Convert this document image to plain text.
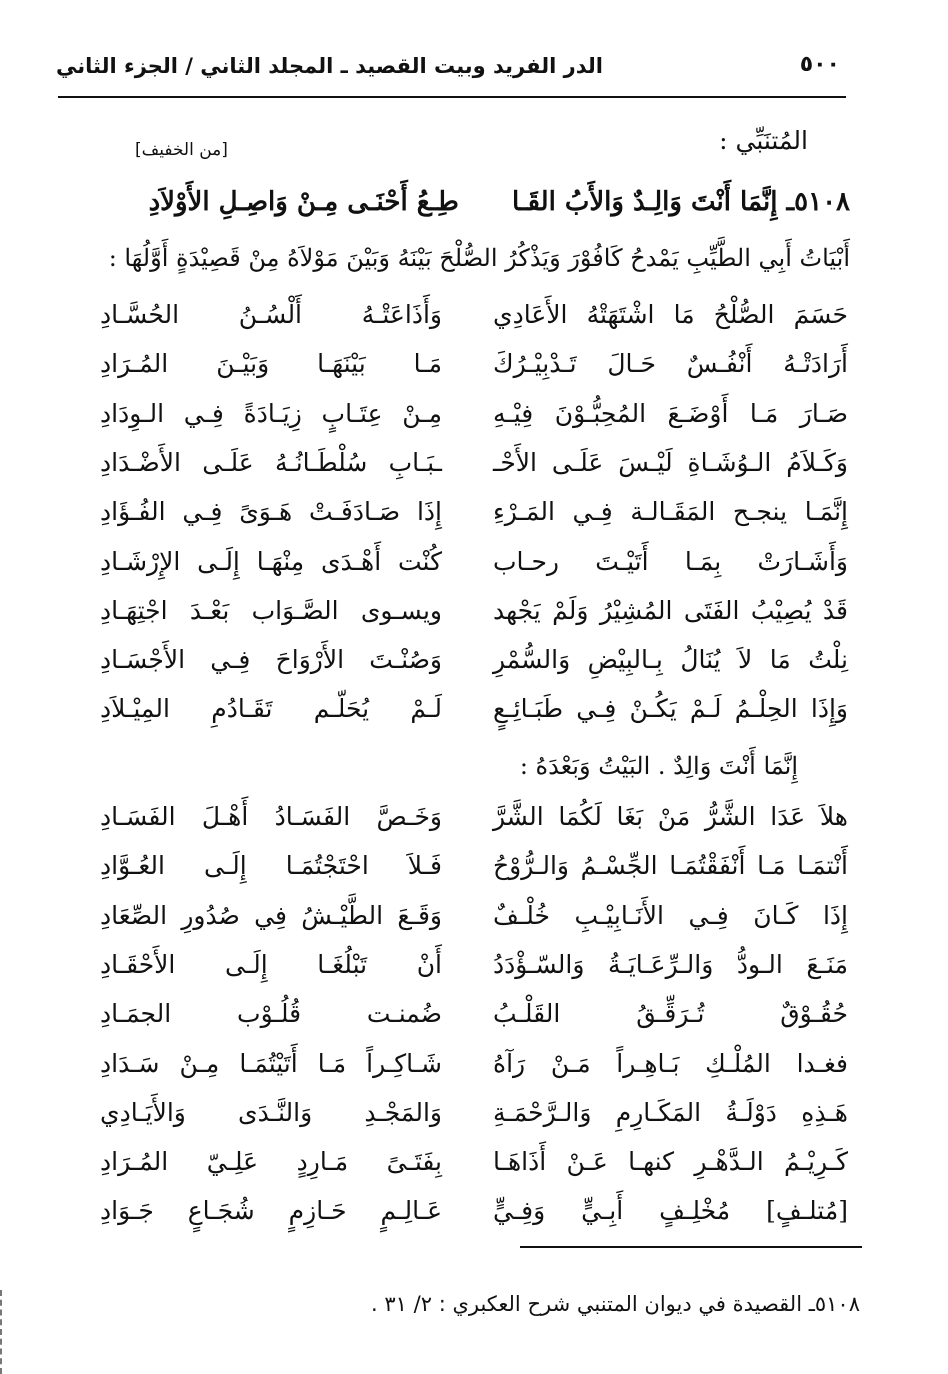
٥٠٠
الدر الفريد وبيت القصيد ـ المجلد الثاني / الجزء الثاني
المُتنَبِّي :
[من الخفيف]
٥١٠٨ـ إِنَّمَا أَنْتَ وَالِـدٌ وَالأَبُ القَـا طِـعُ أَحْنَـى مِـنْ وَاصِـلِ الأَوْلاَدِ
أَبْيَاتُ أَبِي الطَّيِّبِ يَمْدحُ كَافُوْرَ وَيَذْكُرُ الصُّلْحَ بَيْنَهُ وَبَيْنَ مَوْلاَهُ مِنْ قَصِيْدَةٍ أَوَّلُهَا :
حَسَمَ الصُّلْحُ مَا اشْتَهَتْهُ الأَعَادِي
وَأَذَاعَتْـهُ أَلْسُـنُ الحُسَّـادِ
أَرَادَتْـهُ أَنْفُـسٌ حَـالَ تَـدْبِيْـرُكَ
مَـا بَيْنَهَـا وَبَيْـنَ المُـرَادِ
صَـارَ مَـا أَوْضَـعَ المُحِبُّـوْنَ فِيْـهِ
مِـنْ عِتَـابٍ زِيَـادَةً فِـي الـوِدَادِ
وَكَـلاَمُ الـوُشَـاةِ لَيْـسَ عَلَـى الأَحْـ
ـبَـابِ سُلْطَـانُـهُ عَلَـى الأَضْـدَادِ
إِنَّمَـا ينجـح المَقَـالـة فِـي المَـرْءِ
إِذَا صَـادَفَـتْ هَـوَىً فِـي الفُـؤَادِ
وَأَشَـارَتْ بِمَـا أَتَيْـتَ رحـاب
كُنْت أَهْـدَى مِنْهَـا إِلَـى الإِرْشَـادِ
قَدْ يُصِيْبُ الفَتَى المُشِيْرُ وَلَمْ يَجْهد
ويسـوى الصَّـوَاب بَعْـدَ اجْتِهَـادِ
نِلْتُ مَا لاَ يُنَالُ بِـالبِيْضِ وَالسُّمْرِ
وَصُنْـتَ الأَرْوَاحَ فِـي الأَجْسَـادِ
وَإِذَا الحِلْـمُ لَـمْ يَكُـنْ فِـي طَبَـائِـعٍ
لَـمْ يُحَلّـم تَقَـادُمِ المِيْـلاَدِ
إِنَّمَا أَنْتَ وَالِدٌ . البَيْتُ وَبَعْدَهُ :
هلاَ عَدَا الشَّرُّ مَنْ بَغَا لَكُمَا الشَّرَّ
وَخَـصَّ الفَسَـادُ أَهْـلَ الفَسَـادِ
أَنْتمَـا مَـا أَنْفَقْتُمَـا الجِّسْـمُ وَالـرُّوْحُ
فَـلاَ احْتَجْتُمَـا إِلَـى العُـوَّادِ
إِذَا كَـانَ فِـي الأَنَـابِيْـبِ خُلْـفٌ
وَقَـعَ الطَّيْـشُ فِي صُدُورِ الصِّعَادِ
مَنَـعَ الـودُّ وَالـرِّعَـايَـةُ وَالسّـؤْدَدُ
أَنْ تَبْلُغَـا إِلَـى الأَحْقَـادِ
حُقُـوْقٌ تُـرَقِّـقُ القَلْـبُ
ضُمنـت قُلُـوْب الجمَـادِ
فغـدا المُلْـكِ بَـاهِـراً مَـنْ رَآهُ
شَـاكِـراً مَـا أَتَيْتُمَـا مِـنْ سَـدَادِ
هَـذِهِ دَوْلَـةُ المَكَـارِمِ وَالـرَّحْمَـةِ
وَالمَجْـدِ وَالنَّـدَى وَالأَيَـادِي
كَـرِيْـمُ الـدَّهْـرِ كنهـا عَـنْ أَذَاهَـا
بِفَتَـىً مَـارِدٍ عَلِـيّ المُـرَادِ
[مُتلـفٍ] مُخْلِـفٍ أَبِـيٍّ وَفِـيٍّ
عَـالِـمٍ حَـازِمٍ شُجَـاعٍ جَـوَادِ
٥١٠٨ـ القصيدة في ديوان المتنبي شرح العكبري : ٢/ ٣١ .
